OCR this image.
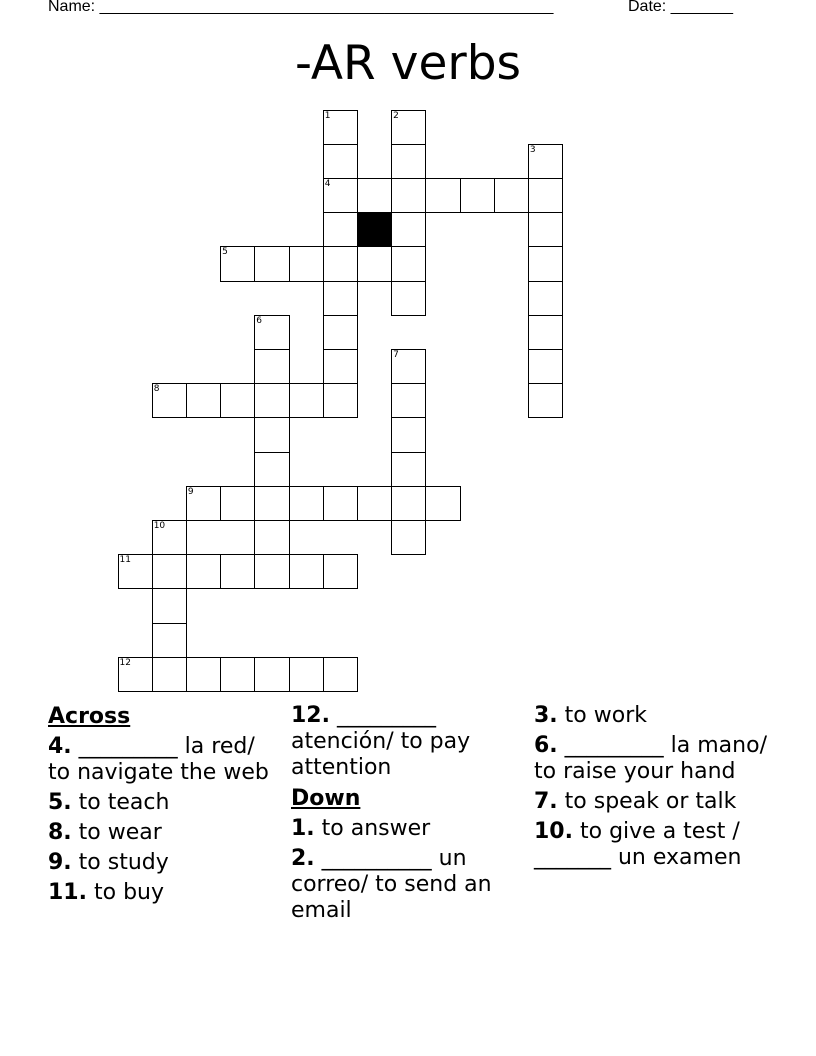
Name: ___________________________________________________	Date: _______
-AR verbs
1
4
2
3
5
6
7
8
9
10
11
12

Across

4. _________ la red/ to navigate the web

5. to teach

8. to wear

9. to study

11. to buy

12. _________ atención/ to pay attention

Down

1. to answer

2. __________ un correo/ to send an email

3. to work

6. _________ la mano/ to raise your hand

7. to speak or talk

10. to give a test / _______ un examen
